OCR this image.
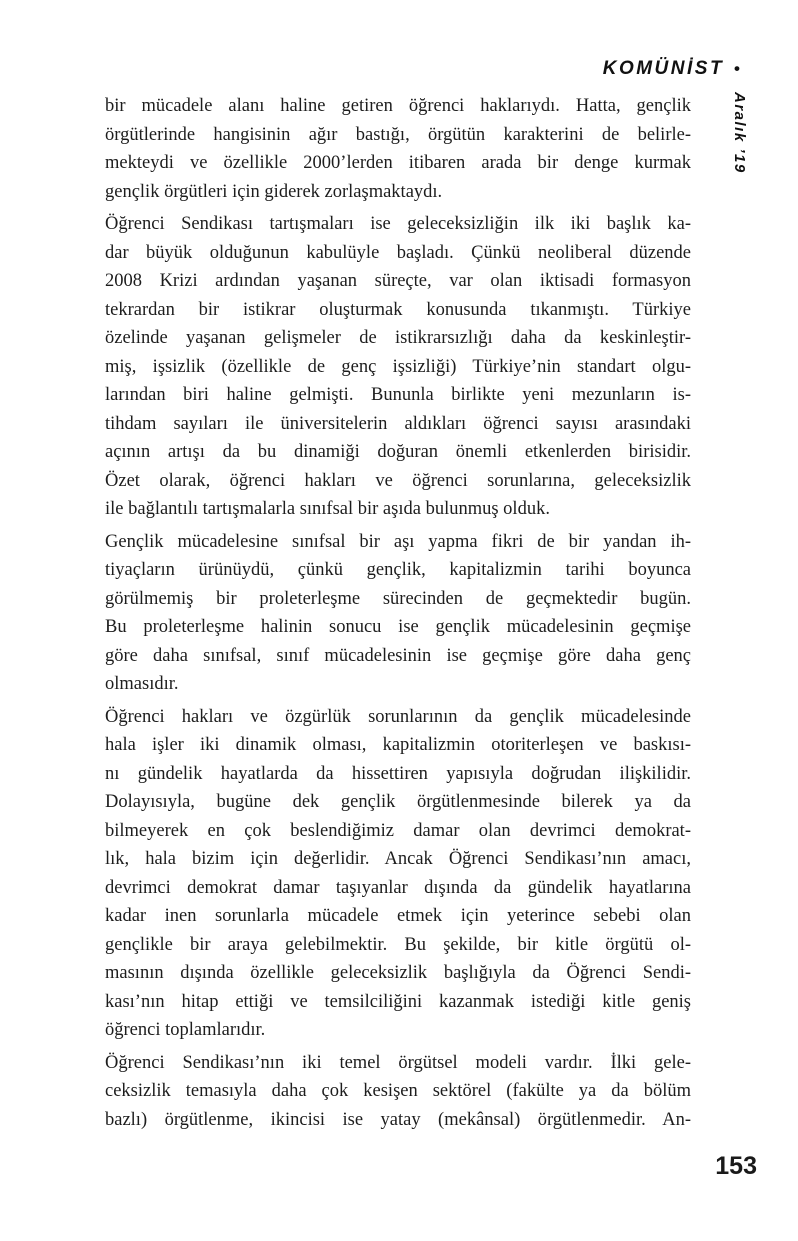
KOMÜNİST •
Aralık ’19
bir mücadele alanı haline getiren öğrenci haklarıydı. Hatta, gençlik
örgütlerinde hangisinin ağır bastığı, örgütün karakterini de belirle-
mekteydi ve özellikle 2000’lerden itibaren arada bir denge kurmak
gençlik örgütleri için giderek zorlaşmaktaydı.
Öğrenci Sendikası tartışmaları ise geleceksizliğin ilk iki başlık ka-
dar büyük olduğunun kabulüyle başladı. Çünkü neoliberal düzende
2008 Krizi ardından yaşanan süreçte, var olan iktisadi formasyon
tekrardan bir istikrar oluşturmak konusunda tıkanmıştı. Türkiye
özelinde yaşanan gelişmeler de istikrarsızlığı daha da keskinleştir-
miş, işsizlik (özellikle de genç işsizliği) Türkiye’nin standart olgu-
larından biri haline gelmişti. Bununla birlikte yeni mezunların is-
tihdam sayıları ile üniversitelerin aldıkları öğrenci sayısı arasındaki
açının artışı da bu dinamiği doğuran önemli etkenlerden birisidir.
Özet olarak, öğrenci hakları ve öğrenci sorunlarına, geleceksizlik
ile bağlantılı tartışmalarla sınıfsal bir aşıda bulunmuş olduk.
Gençlik mücadelesine sınıfsal bir aşı yapma fikri de bir yandan ih-
tiyaçların ürünüydü, çünkü gençlik, kapitalizmin tarihi boyunca
görülmemiş bir proleterleşme sürecinden de geçmektedir bugün.
Bu proleterleşme halinin sonucu ise gençlik mücadelesinin geçmişe
göre daha sınıfsal, sınıf mücadelesinin ise geçmişe göre daha genç
olmasıdır.
Öğrenci hakları ve özgürlük sorunlarının da gençlik mücadelesinde
hala işler iki dinamik olması, kapitalizmin otoriterleşen ve baskısı-
nı gündelik hayatlarda da hissettiren yapısıyla doğrudan ilişkilidir.
Dolayısıyla, bugüne dek gençlik örgütlenmesinde bilerek ya da
bilmeyerek en çok beslendiğimiz damar olan devrimci demokrat-
lık, hala bizim için değerlidir. Ancak Öğrenci Sendikası’nın amacı,
devrimci demokrat damar taşıyanlar dışında da gündelik hayatlarına
kadar inen sorunlarla mücadele etmek için yeterince sebebi olan
gençlikle bir araya gelebilmektir. Bu şekilde, bir kitle örgütü ol-
masının dışında özellikle geleceksizlik başlığıyla da Öğrenci Sendi-
kası’nın hitap ettiği ve temsilciliğini kazanmak istediği kitle geniş
öğrenci toplamlarıdır.
Öğrenci Sendikası’nın iki temel örgütsel modeli vardır. İlki gele-
ceksizlik temasıyla daha çok kesişen sektörel (fakülte ya da bölüm
bazlı) örgütlenme, ikincisi ise yatay (mekânsal) örgütlenmedir. An-
153
